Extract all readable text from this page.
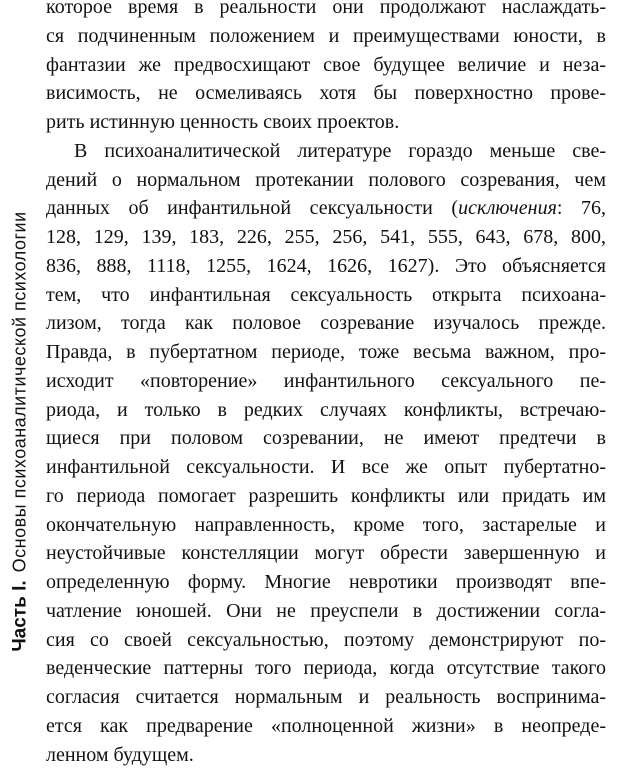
Часть I.Основы психоаналитической психологии

которое время в реальности они продолжают наслаждать-
ся подчиненным положением и преимуществами юности, в
фантазии же предвосхищают свое будущее величие и неза-
висимость, не осмеливаясь хотя бы поверхностно прове-
рить истинную ценность своих проектов.

В психоаналитической литературе гораздо меньше све-
дений о нормальном протекании полового созревания, чем
данных об инфантильной сексуальности (исключения: 76,
128, 129, 139, 183, 226, 255, 256, 541, 555, 643, 678, 800,
836, 888, 1118, 1255, 1624, 1626, 1627). Это объясняется
тем, что инфантильная сексуальность открыта психоана-
лизом, тогда как половое созревание изучалось прежде.
Правда, в пубертатном периоде, тоже весьма важном, про-
исходит «повторение» инфантильного сексуального пе-
риода, и только в редких случаях конфликты, встречаю-
щиеся при половом созревании, не имеют предтечи в
инфантильной сексуальности. И все же опыт пубертатно-
го периода помогает разрешить конфликты или придать им
окончательную направленность, кроме того, застарелые и
неустойчивые констелляции могут обрести завершенную и
определенную форму. Многие невротики производят впе-
чатление юношей. Они не преуспели в достижении согла-
сия со своей сексуальностью, поэтому демонстрируют по-
веденческие паттерны того периода, когда отсутствие такого
согласия считается нормальным и реальность воспринима-
ется как предварение «полноценной жизни» в неопреде-
ленном будущем.
